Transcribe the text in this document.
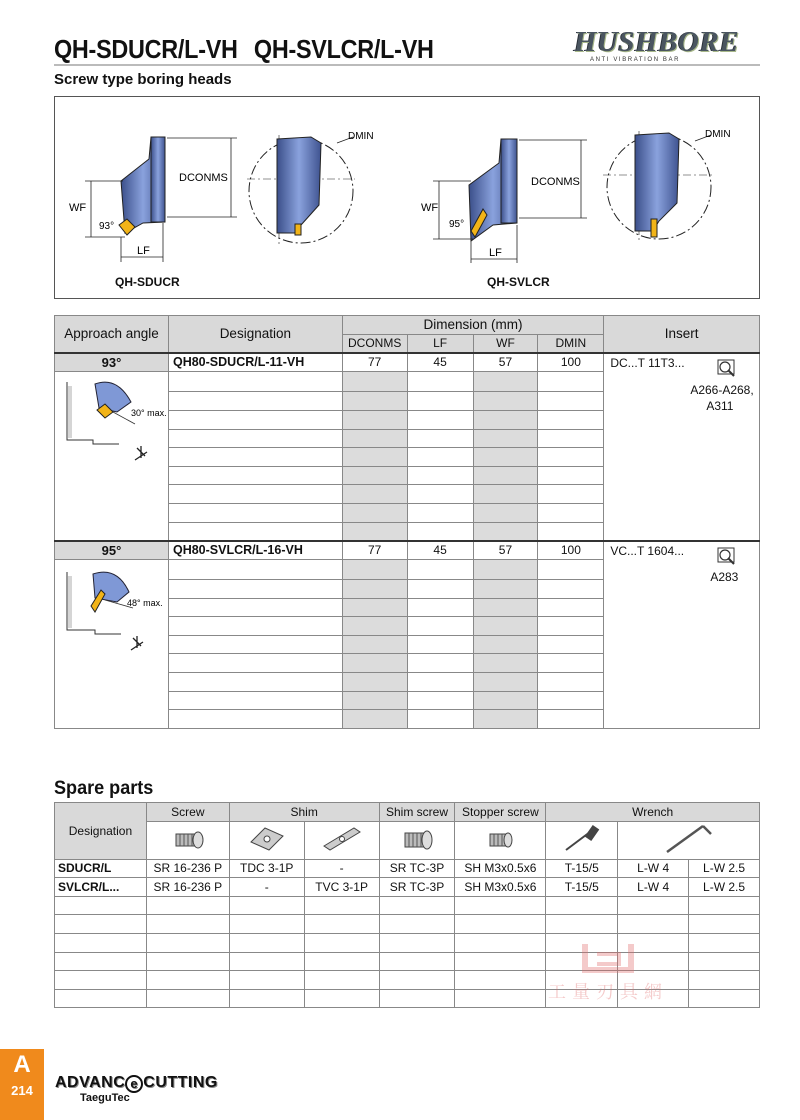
QH-SDUCR/L-VH QH-SVLCR/L-VH
Screw type boring heads
HUSHBORE
ANTI VIBRATION BAR
DCONMS
WF
93°
LF
DMIN
DCONMS
WF
95°
LF
DMIN
QH-SDUCR	QH-SVLCR
Approach angle	Designation	Dimension (mm)				Insert
		DCONMS	LF	WF	DMIN	
93°	QH80-SDUCR/L-11-VH	77	45	57	100	DC...T 11T3...
A266-A268,
A311

30° max.						

95°	QH80-SVLCR/L-16-VH	77	45	57	100	VC...T 1604...
A283

48° max.						

Spare parts
Designation	Screw	Shim		Shim screw	Stopper screw	Wrench		

SDUCR/L	SR 16-236 P	TDC 3-1P	-	SR TC-3P	SH M3x0.5x6	T-15/5	L-W 4	L-W 2.5
SVLCR/L...	SR 16-236 P	-	TVC 3-1P	SR TC-3P	SH M3x0.5x6	T-15/5	L-W 4	L-W 2.5

工量刃具網
A
214	ADVANC e CUTTING
TaeguTec
